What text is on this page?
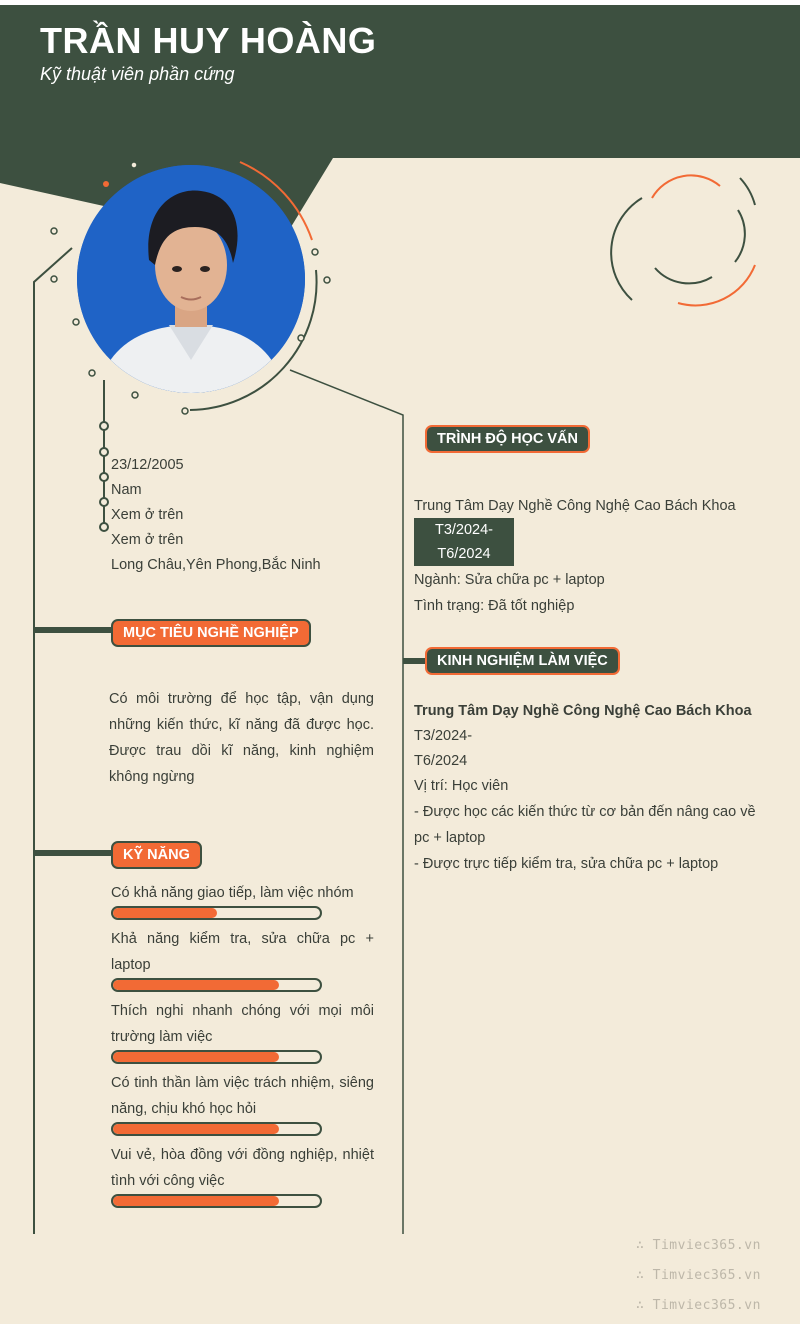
TRẦN HUY HOÀNG
Kỹ thuật viên phần cứng
23/12/2005
Nam
Xem ở trên
Xem ở trên
Long Châu,Yên Phong,Bắc Ninh
MỤC TIÊU NGHỀ NGHIỆP
Có môi trường để học tập, vận dụng những kiến thức, kĩ năng đã được học. Được trau dồi kĩ năng, kinh nghiệm không ngừng
KỸ NĂNG
Có khả năng giao tiếp, làm việc nhóm
Khả năng kiểm tra, sửa chữa pc + laptop
Thích nghi nhanh chóng với mọi môi trường làm việc
Có tinh thần làm việc trách nhiệm, siêng năng, chịu khó học hỏi
Vui vẻ, hòa đồng với đồng nghiệp, nhiệt tình với công việc
TRÌNH ĐỘ HỌC VẤN
Trung Tâm Dạy Nghề Công Nghệ Cao Bách Khoa
T3/2024-
T6/2024
Ngành: Sửa chữa pc + laptop
Tình trạng: Đã tốt nghiệp
KINH NGHIỆM LÀM VIỆC
Trung Tâm Dạy Nghề Công Nghệ Cao Bách Khoa
T3/2024-
T6/2024
Vị trí: Học viên
- Được học các kiến thức từ cơ bản đến nâng cao về pc + laptop
- Được trực tiếp kiểm tra, sửa chữa pc + laptop
∴ Timviec365.vn
∴ Timviec365.vn
∴ Timviec365.vn
